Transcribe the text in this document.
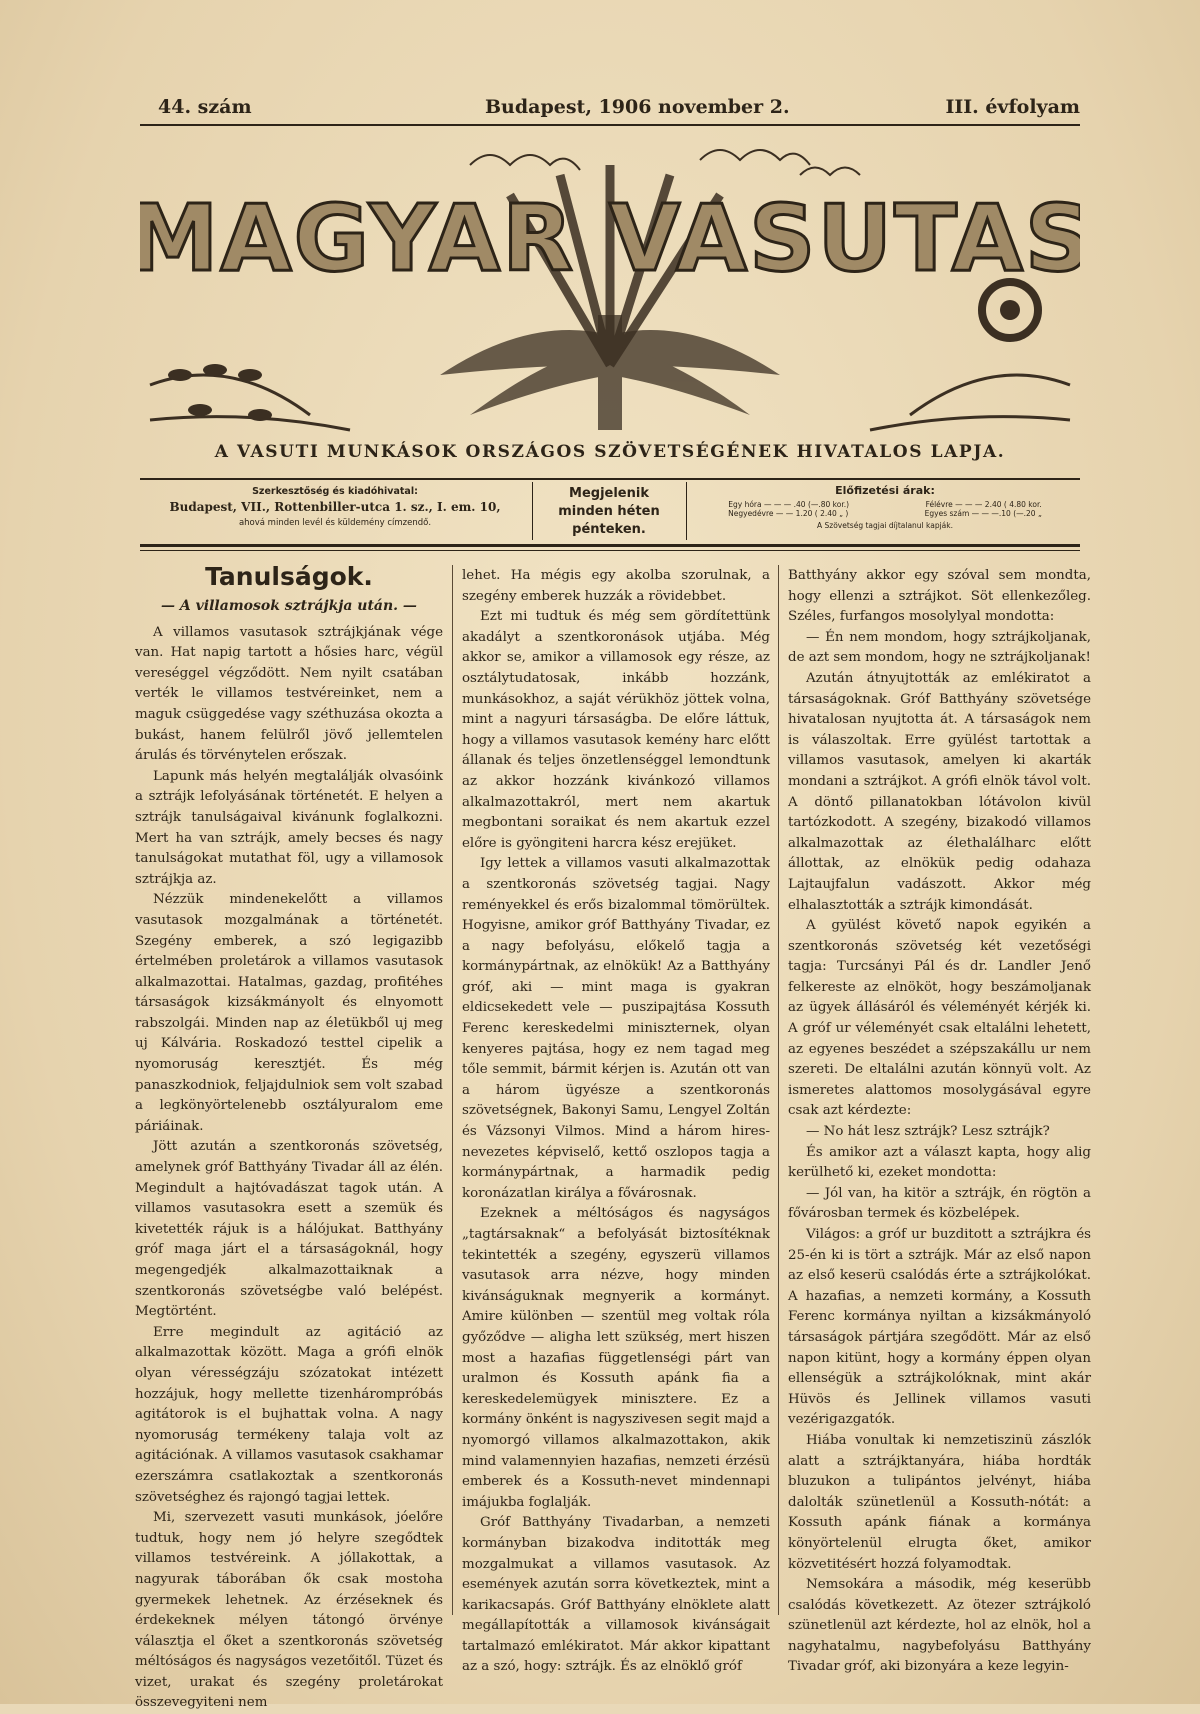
44. szám	Budapest, 1906 november 2.	III. évfolyam
MAGYAR VASUTAS
A VASUTI MUNKÁSOK ORSZÁGOS SZÖVETSÉGÉNEK HIVATALOS LAPJA.
Szerkesztőség és kiadóhivatal:
Budapest, VII., Rottenbiller-utca 1. sz., I. em. 10,
ahová minden levél és küldemény címzendő.
Megjelenik
minden héten
pénteken.
Előfizetési árak:
Egy hóra — — — .40 (—.80 kor.)	Félévre — — — 2.40 ( 4.80 kor.
Negyedévre — — 1.20 ( 2.40 „ )	Egyes szám — — —.10 (—.20 „
A Szövetség tagjai díjtalanul kapják.

Tanulságok.

— A villamosok sztrájkja után. —

A villamos vasutasok sztrájkjának vége van. Hat napig tartott a hősies harc, végül vereséggel végződött. Nem nyilt csatában verték le villamos testvéreinket, nem a maguk csüggedése vagy széthuzása okozta a bukást, hanem felülről jövő jellemtelen árulás és törvénytelen erőszak.

Lapunk más helyén megtalálják olvasóink a sztrájk lefolyásának történetét. E helyen a sztrájk tanulságaival kivánunk foglalkozni. Mert ha van sztrájk, amely becses és nagy tanulságokat mutathat föl, ugy a villamosok sztrájkja az.

Nézzük mindenekelőtt a villamos vasutasok mozgalmának a történetét. Szegény emberek, a szó legigazibb értelmében proletárok a villamos vasutasok alkalmazottai. Hatalmas, gazdag, profitéhes társaságok kizsákmányolt és elnyomott rabszolgái. Minden nap az életükből uj meg uj Kálvária. Roskadozó testtel cipelik a nyomoruság keresztjét. És még panaszkodniok, feljajdulniok sem volt szabad a legkönyörtelenebb osztályuralom eme páriáinak.

Jött azután a szentkoronás szövetség, amelynek gróf Batthyány Tivadar áll az élén. Megindult a hajtóvadászat tagok után. A villamos vasutasokra esett a szemük és kivetették rájuk is a hálójukat. Batthyány gróf maga járt el a társaságoknál, hogy megengedjék alkalmazottaiknak a szentkoronás szövetségbe való belépést. Megtörtént.

Erre megindult az agitáció az alkalmazottak között. Maga a grófi elnök olyan vérességzáju szózatokat intézett hozzájuk, hogy mellette tizenhárompróbás agitátorok is el bujhattak volna. A nagy nyomoruság termékeny talaja volt az agitációnak. A villamos vasutasok csakhamar ezerszámra csatlakoztak a szentkoronás szövetséghez és rajongó tagjai lettek.

Mi, szervezett vasuti munkások, jóelőre tudtuk, hogy nem jó helyre szegődtek villamos testvéreink. A jóllakottak, a nagyurak táborában ők csak mostoha gyermekek lehetnek. Az érzéseknek és érdekeknek mélyen tátongó örvénye választja el őket a szentkoronás szövetség méltóságos és nagyságos vezetőitől. Tüzet és vizet, urakat és szegény proletárokat összevegyiteni nem

lehet. Ha mégis egy akolba szorulnak, a szegény emberek huzzák a rövidebbet.

Ezt mi tudtuk és még sem gördítettünk akadályt a szentkoronások utjába. Még akkor se, amikor a villamosok egy része, az osztálytudatosak, inkább hozzánk, munkásokhoz, a saját vérükhöz jöttek volna, mint a nagyuri társaságba. De előre láttuk, hogy a villamos vasutasok kemény harc előtt állanak és teljes önzetlenséggel lemondtunk az akkor hozzánk kivánkozó villamos alkalmazottakról, mert nem akartuk megbontani soraikat és nem akartuk ezzel előre is gyöngiteni harcra kész erejüket.

Igy lettek a villamos vasuti alkalmazottak a szentkoronás szövetség tagjai. Nagy reményekkel és erős bizalommal tömörültek. Hogyisne, amikor gróf Batthyány Tivadar, ez a nagy befolyásu, előkelő tagja a kormánypártnak, az elnökük! Az a Batthyány gróf, aki — mint maga is gyakran eldicsekedett vele — puszipajtása Kossuth Ferenc kereskedelmi miniszternek, olyan kenyeres pajtása, hogy ez nem tagad meg tőle semmit, bármit kérjen is. Azután ott van a három ügyésze a szentkoronás szövetségnek, Bakonyi Samu, Lengyel Zoltán és Vázsonyi Vilmos. Mind a három hires-nevezetes képviselő, kettő oszlopos tagja a kormánypártnak, a harmadik pedig koronázatlan királya a fővárosnak.

Ezeknek a méltóságos és nagyságos „tagtársaknak“ a befolyását biztosítéknak tekintették a szegény, egyszerü villamos vasutasok arra nézve, hogy minden kivánságuknak megnyerik a kormányt. Amire különben — szentül meg voltak róla győződve — aligha lett szükség, mert hiszen most a hazafias függetlenségi párt van uralmon és Kossuth apánk fia a kereskedelemügyek minisztere. Ez a kormány önként is nagyszivesen segit majd a nyomorgó villamos alkalmazottakon, akik mind valamennyien hazafias, nemzeti érzésü emberek és a Kossuth-nevet mindennapi imájukba foglalják.

Gróf Batthyány Tivadarban, a nemzeti kormányban bizakodva inditották meg mozgalmukat a villamos vasutasok. Az események azután sorra következtek, mint a karikacsapás. Gróf Batthyány elnöklete alatt megállapították a villamosok kivánságait tartalmazó emlékiratot. Már akkor kipattant az a szó, hogy: sztrájk. És az elnöklő gróf

Batthyány akkor egy szóval sem mondta, hogy ellenzi a sztrájkot. Söt ellenkezőleg. Széles, furfangos mosolylyal mondotta:

— Én nem mondom, hogy sztrájkoljanak, de azt sem mondom, hogy ne sztrájkoljanak!

Azután átnyujtották az emlékiratot a társaságoknak. Gróf Batthyány szövetsége hivatalosan nyujtotta át. A társaságok nem is válaszoltak. Erre gyülést tartottak a villamos vasutasok, amelyen ki akarták mondani a sztrájkot. A grófi elnök távol volt. A döntő pillanatokban lótávolon kivül tartózkodott. A szegény, bizakodó villamos alkalmazottak az élethalálharc előtt állottak, az elnökük pedig odahaza Lajtaujfalun vadászott. Akkor még elhalasztották a sztrájk kimondását.

A gyülést követő napok egyikén a szentkoronás szövetség két vezetőségi tagja: Turcsányi Pál és dr. Landler Jenő felkereste az elnököt, hogy beszámoljanak az ügyek állásáról és véleményét kérjék ki. A gróf ur véleményét csak eltalálni lehetett, az egyenes beszédet a szépszakállu ur nem szereti. De eltalálni azután könnyü volt. Az ismeretes alattomos mosolygásával egyre csak azt kérdezte:

— No hát lesz sztrájk? Lesz sztrájk?

És amikor azt a választ kapta, hogy alig kerülhető ki, ezeket mondotta:

— Jól van, ha kitör a sztrájk, én rögtön a fővárosban termek és közbelépek.

Világos: a gróf ur buzditott a sztrájkra és 25-én ki is tört a sztrájk. Már az első napon az első keserü csalódás érte a sztrájkolókat. A hazafias, a nemzeti kormány, a Kossuth Ferenc kormánya nyiltan a kizsákmányoló társaságok pártjára szegődött. Már az első napon kitünt, hogy a kormány éppen olyan ellenségük a sztrájkolóknak, mint akár Hüvös és Jellinek villamos vasuti vezérigazgatók.

Hiába vonultak ki nemzetiszinü zászlók alatt a sztrájktanyára, hiába hordták bluzukon a tulipántos jelvényt, hiába dalolták szünetlenül a Kossuth-nótát: a Kossuth apánk fiának a kormánya könyörtelenül elrugta őket, amikor közvetitésért hozzá folyamodtak.

Nemsokára a második, még keserübb csalódás következett. Az ötezer sztrájkoló szünetlenül azt kérdezte, hol az elnök, hol a nagyhatalmu, nagybefolyásu Batthyány Tivadar gróf, aki bizonyára a keze legyin-
